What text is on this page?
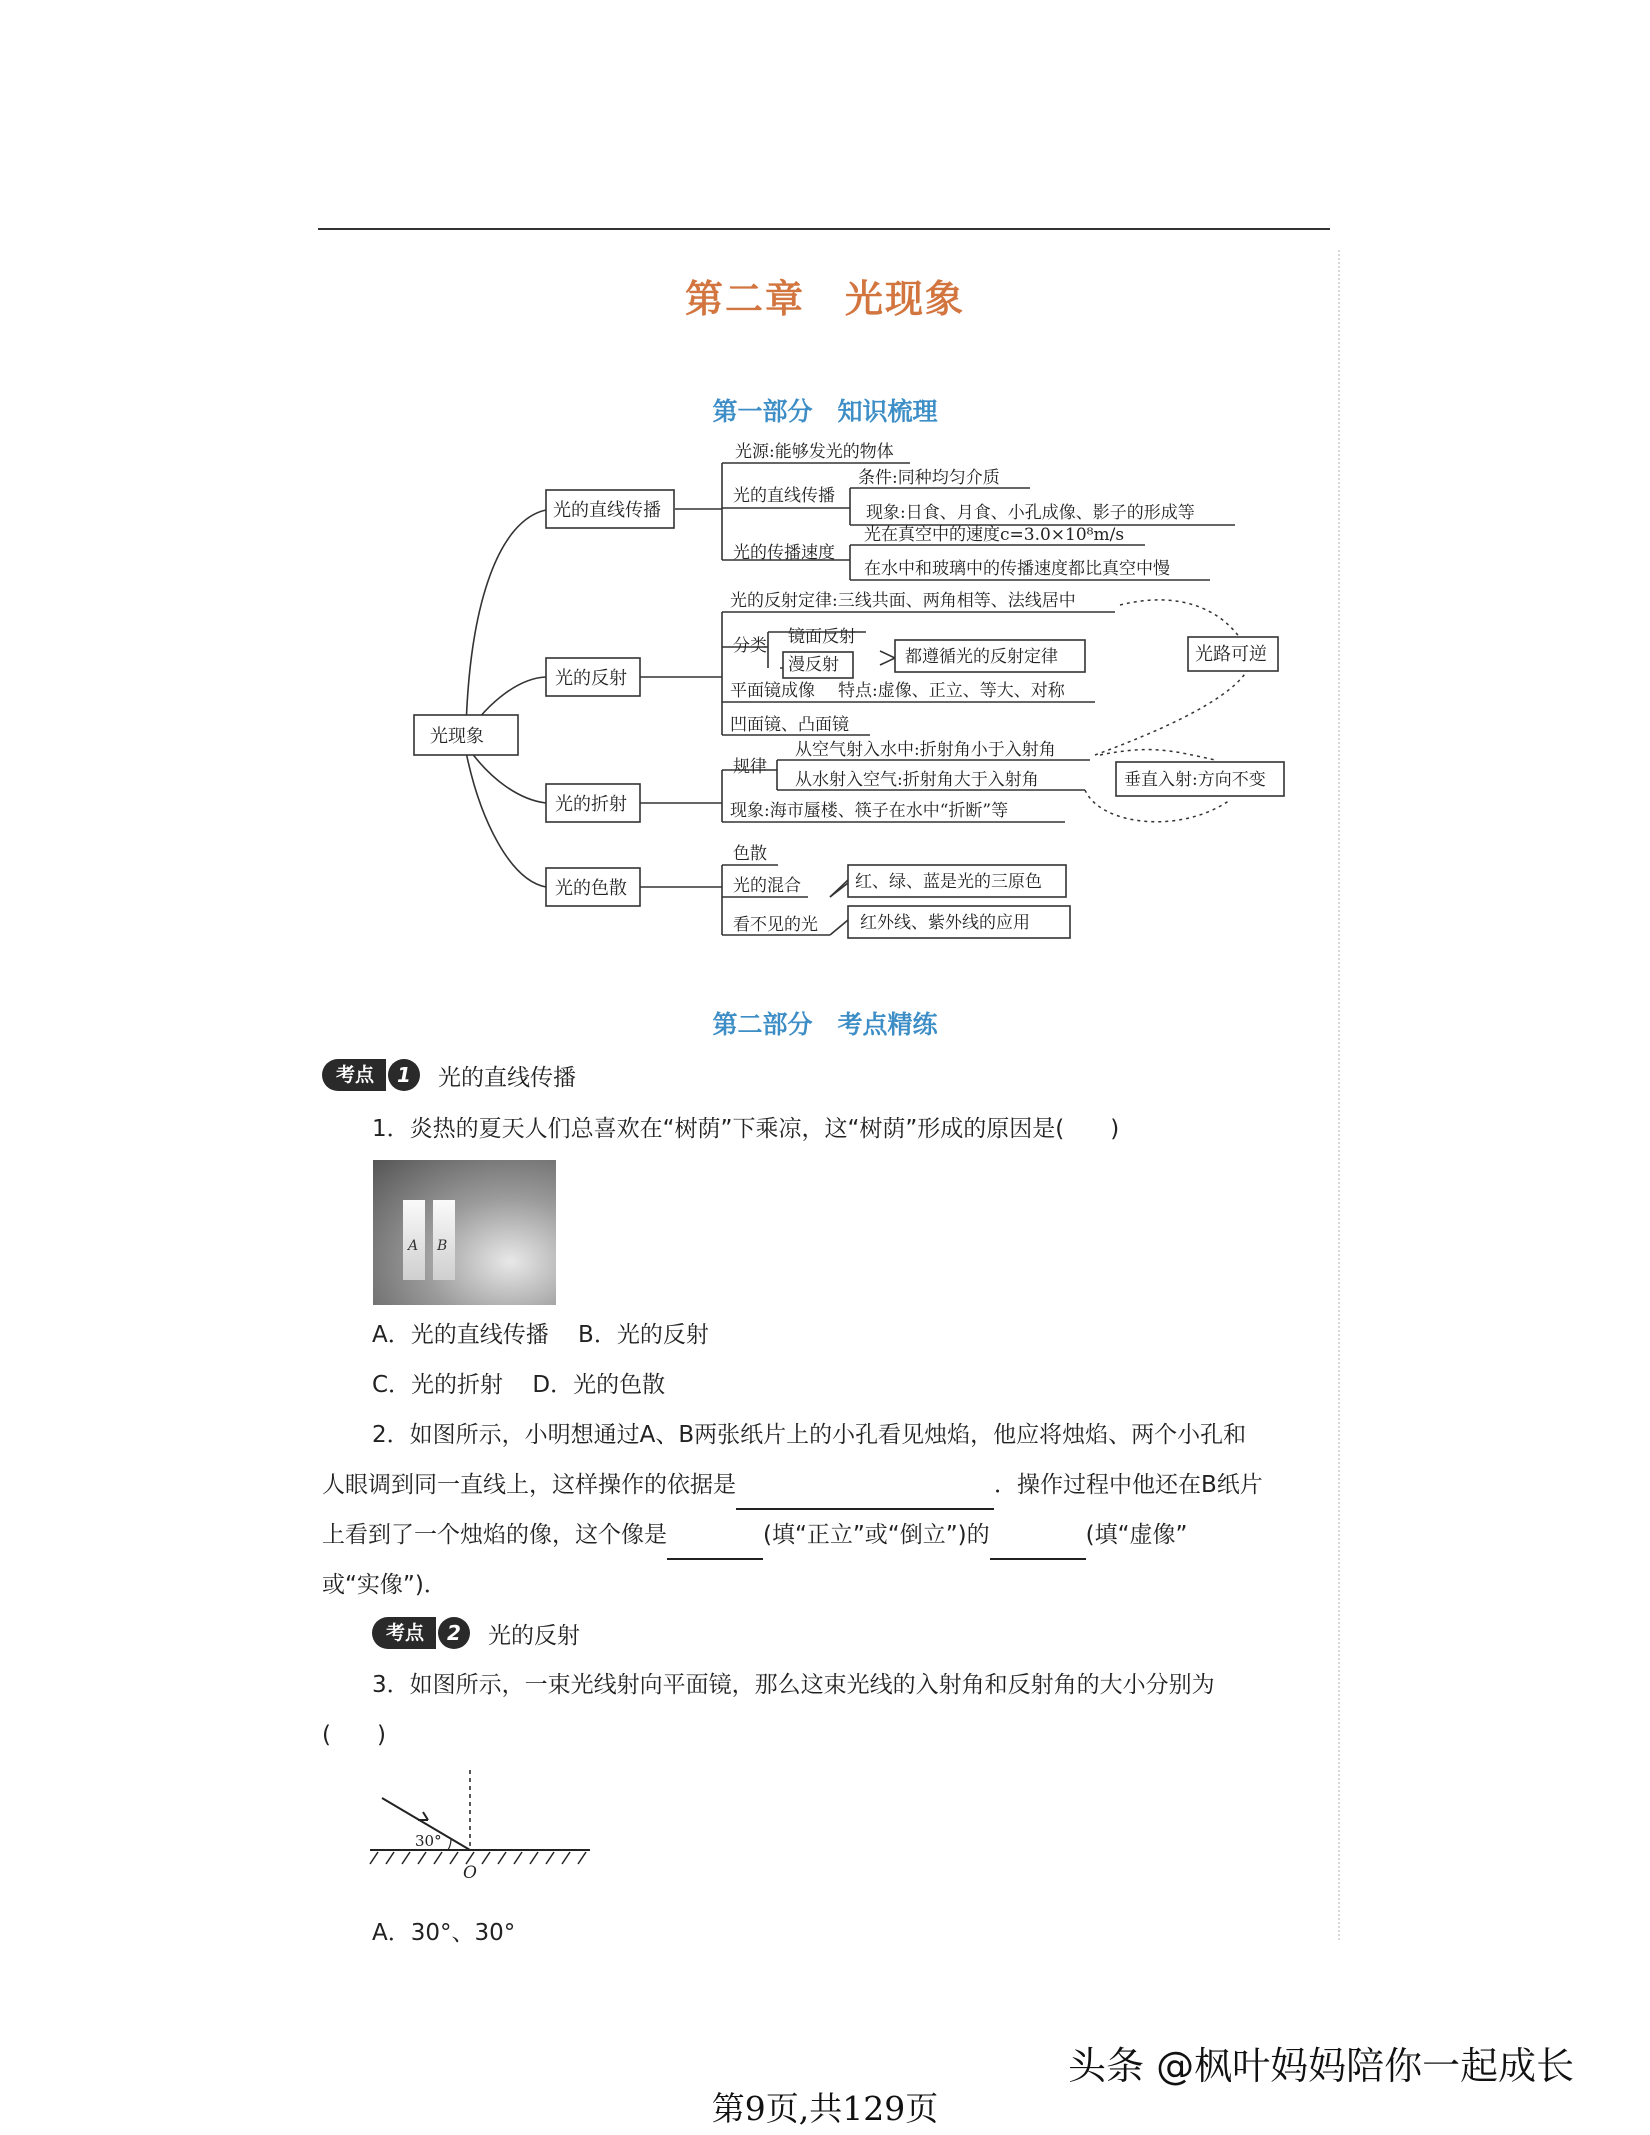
第二章　光现象
第一部分　知识梳理
光现象
光的直线传播
光源:能够发光的物体
光的直线传播
条件:同种均匀介质
现象:日食、月食、小孔成像、影子的形成等
光的传播速度
光在真空中的速度c=3.0×10⁸m/s
在水中和玻璃中的传播速度都比真空中慢
光的反射
光的反射定律:三线共面、两角相等、法线居中
分类 镜面反射
漫反射	都遵循光的反射定律
平面镜成像 特点:虚像、正立、等大、对称
凹面镜、凸面镜
光路可逆
光的折射
规律
从空气射入水中:折射角小于入射角
从水射入空气:折射角大于入射角
现象:海市蜃楼、筷子在水中“折断”等
垂直入射:方向不变
光的色散
色散
光的混合	红、绿、蓝是光的三原色
看不见的光 红外线、紫外线的应用
第二部分　考点精练
考点	1	光的直线传播
1．炎热的夏天人们总喜欢在“树荫”下乘凉，这“树荫”形成的原因是(　　)
A B
A．光的直线传播 B．光的反射
C．光的折射 D．光的色散
2．如图所示，小明想通过A、B两张纸片上的小孔看见烛焰，他应将烛焰、两个小孔和
人眼调到同一直线上，这样操作的依据是	．操作过程中他还在B纸片
上看到了一个烛焰的像，这个像是	(填“正立”或“倒立”)的	(填“虚像”
或“实像”)．
考点	2	光的反射
3．如图所示，一束光线射向平面镜，那么这束光线的入射角和反射角的大小分别为
(　　)
30°
O
A．30°、30°
头条 @枫叶妈妈陪你一起成长
第9页,共129页
